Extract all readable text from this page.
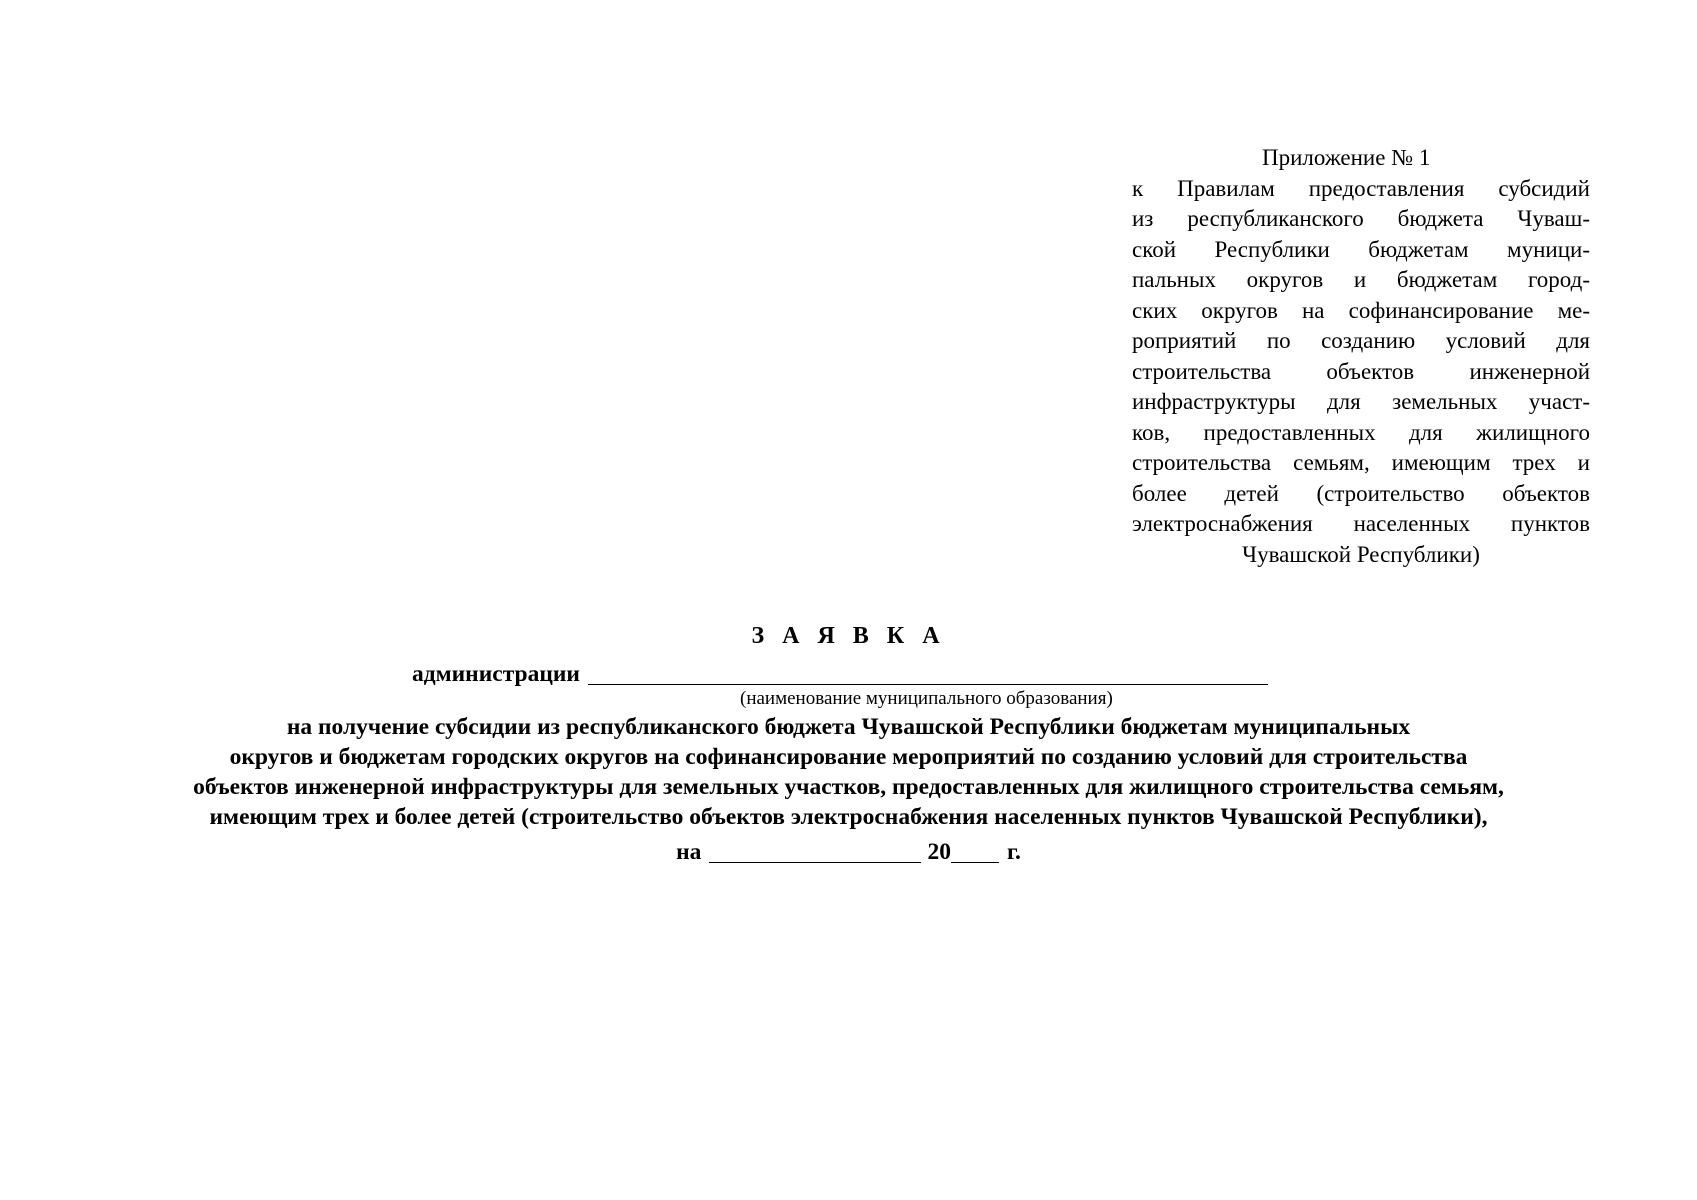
Приложение № 1

к Правилам предоставления субсидий
из республиканского бюджета Чуваш-
ской Республики бюджетам муници-
пальных округов и бюджетам город-
ских округов на софинансирование ме-
роприятий по созданию условий для
строительства объектов инженерной
инфраструктуры для земельных участ-
ков, предоставленных для жилищного
строительства семьям, имеющим трех и
более детей (строительство объектов
электроснабжения населенных пунктов
Чувашской Республики)

З А Я В К А
администрации
(наименование муниципального образования)

на получение субсидии из республиканского бюджета Чувашской Республики бюджетам муниципальных
округов и бюджетам городских округов на софинансирование мероприятий по созданию условий для строительства
объектов инженерной инфраструктуры для земельных участков, предоставленных для жилищного строительства семьям,
имеющим трех и более детей (строительство объектов электроснабжения населенных пунктов Чувашской Республики),

на	20 г.
